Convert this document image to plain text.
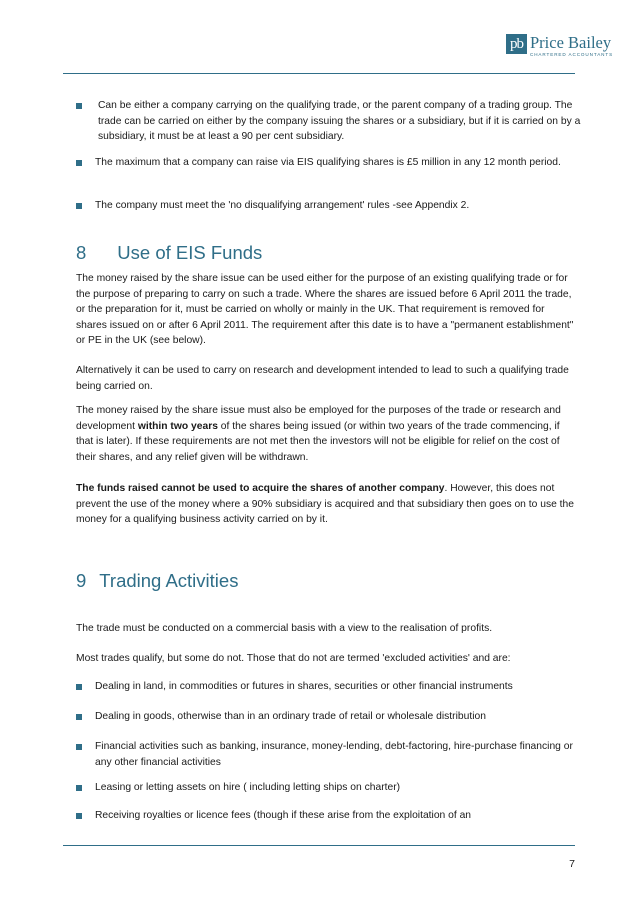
pb Price Bailey
CHARTERED ACCOUNTANTS
Can be either a company carrying on the qualifying trade, or the parent company of a trading group. The trade can be carried on either by the company issuing the shares or a subsidiary, but if it is carried on by a subsidiary, it must be at least a 90 per cent subsidiary.
The maximum that a company can raise via EIS qualifying shares is £5 million in any 12 month period.
The company must meet the 'no disqualifying arrangement' rules -see Appendix 2.
8 Use of EIS Funds
The money raised by the share issue can be used either for the purpose of an existing qualifying trade or for the purpose of preparing to carry on such a trade. Where the shares are issued before 6 April 2011 the trade, or the preparation for it, must be carried on wholly or mainly in the UK. That requirement is removed for shares issued on or after 6 April 2011. The requirement after this date is to have a "permanent establishment" or PE in the UK (see below).
Alternatively it can be used to carry on research and development intended to lead to such a qualifying trade being carried on.
The money raised by the share issue must also be employed for the purposes of the trade or research and development within two years of the shares being issued (or within two years of the trade commencing, if that is later). If these requirements are not met then the investors will not be eligible for relief on the cost of their shares, and any relief given will be withdrawn.
The funds raised cannot be used to acquire the shares of another company. However, this does not prevent the use of the money where a 90% subsidiary is acquired and that subsidiary then goes on to use the money for a qualifying business activity carried on by it.
9 Trading Activities
The trade must be conducted on a commercial basis with a view to the realisation of profits.
Most trades qualify, but some do not. Those that do not are termed 'excluded activities' and are:
Dealing in land, in commodities or futures in shares, securities or other financial instruments
Dealing in goods, otherwise than in an ordinary trade of retail or wholesale distribution
Financial activities such as banking, insurance, money-lending, debt-factoring, hire-purchase financing or any other financial activities
Leasing or letting assets on hire ( including letting ships on charter)
Receiving royalties or licence fees (though if these arise from the exploitation of an
7
